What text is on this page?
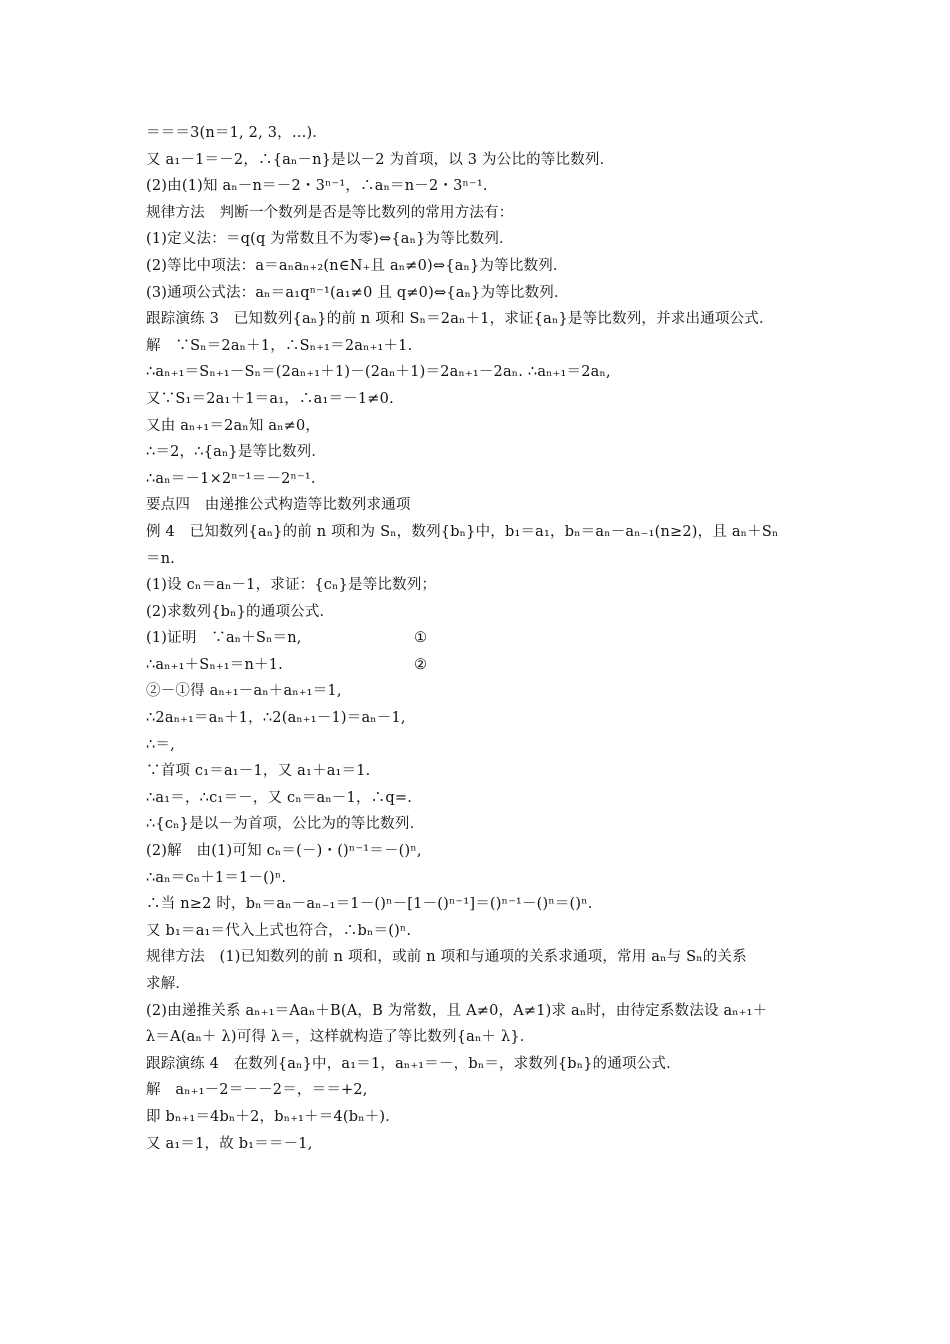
＝＝＝3(n＝1, 2, 3，…)．
又 a₁－1＝－2，∴{aₙ－n}是以－2 为首项，以 3 为公比的等比数列．
(2)由(1)知 aₙ－n＝－2・3ⁿ⁻¹，∴aₙ＝n－2・3ⁿ⁻¹.
规律方法　判断一个数列是否是等比数列的常用方法有：
(1)定义法：＝q(q 为常数且不为零)⇔{aₙ}为等比数列．
(2)等比中项法：a＝aₙaₙ₊₂(n∈N₊且 aₙ≠0)⇔{aₙ}为等比数列．
(3)通项公式法：aₙ＝a₁qⁿ⁻¹(a₁≠0 且 q≠0)⇔{aₙ}为等比数列．
跟踪演练 3　已知数列{aₙ}的前 n 项和 Sₙ＝2aₙ＋1，求证{aₙ}是等比数列，并求出通项公式．
解　∵Sₙ＝2aₙ＋1，∴Sₙ₊₁＝2aₙ₊₁＋1.
∴aₙ₊₁＝Sₙ₊₁－Sₙ＝(2aₙ₊₁＋1)－(2aₙ＋1)＝2aₙ₊₁－2aₙ. ∴aₙ₊₁＝2aₙ,
又∵S₁＝2a₁＋1＝a₁，∴a₁＝－1≠0.
又由 aₙ₊₁＝2aₙ知 aₙ≠0，
∴＝2，∴{aₙ}是等比数列．
∴aₙ＝－1×2ⁿ⁻¹＝－2ⁿ⁻¹.
要点四　由递推公式构造等比数列求通项
例 4　已知数列{aₙ}的前 n 项和为 Sₙ，数列{bₙ}中，b₁＝a₁，bₙ＝aₙ－aₙ₋₁(n≥2)，且 aₙ＋Sₙ
＝n.
(1)设 cₙ＝aₙ－1，求证：{cₙ}是等比数列；
(2)求数列{bₙ}的通项公式．
(1)证明　∵aₙ＋Sₙ＝n,	①
∴aₙ₊₁＋Sₙ₊₁＝n＋1.	②
②－①得 aₙ₊₁－aₙ＋aₙ₊₁＝1,
∴2aₙ₊₁＝aₙ＋1，∴2(aₙ₊₁－1)＝aₙ－1,
∴＝,
∵首项 c₁＝a₁－1，又 a₁＋a₁＝1.
∴a₁＝，∴c₁＝－，又 cₙ＝aₙ－1，∴q=.
∴{cₙ}是以－为首项，公比为的等比数列．
(2)解　由(1)可知 cₙ＝(－)・()ⁿ⁻¹＝－()ⁿ,
∴aₙ＝cₙ＋1＝1－()ⁿ.
∴当 n≥2 时，bₙ＝aₙ－aₙ₋₁＝1－()ⁿ－[1－()ⁿ⁻¹]＝()ⁿ⁻¹－()ⁿ＝()ⁿ.
又 b₁＝a₁＝代入上式也符合，∴bₙ＝()ⁿ.
规律方法　(1)已知数列的前 n 项和，或前 n 项和与通项的关系求通项，常用 aₙ与 Sₙ的关系
求解．
(2)由递推关系 aₙ₊₁＝Aaₙ＋B(A，B 为常数，且 A≠0，A≠1)求 aₙ时，由待定系数法设 aₙ₊₁＋
λ＝A(aₙ＋ λ)可得 λ＝，这样就构造了等比数列{aₙ＋ λ}．
跟踪演练 4　在数列{aₙ}中，a₁＝1，aₙ₊₁＝－，bₙ＝，求数列{bₙ}的通项公式．
解　aₙ₊₁－2＝－－2＝，＝＝+2,
即 bₙ₊₁＝4bₙ＋2，bₙ₊₁＋＝4(bₙ＋)．
又 a₁＝1，故 b₁＝＝－1,
